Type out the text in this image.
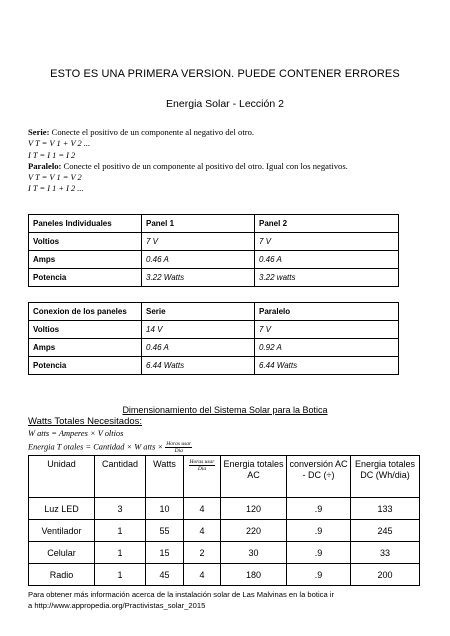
ESTO ES UNA PRIMERA VERSION. PUEDE CONTENER ERRORES
Energia Solar - Lección 2
Serie: Conecte el positivo de un componente al negativo del otro.
V T = V 1 + V 2 ...
I T = I 1 = I 2
Paralelo: Conecte el positivo de un componente al positivo del otro. Igual con los negativos.
V T = V 1 = V 2
I T = I 1 + I 2 ...
Paneles Individuales	Panel 1	Panel 2
Voltios	7 V	7 V
Amps	0.46 A	0.46 A
Potencia	3.22 Watts	3.22 watts
Conexion de los paneles	Serie	Paralelo
Voltios	14 V	7 V
Amps	0.46 A	0.92 A
Potencia	6.44 Watts	6.44 Watts
Dimensionamiento del Sistema Solar para la Botica
Watts Totales Necesitados:
W atts = Amperes × V oltios
Energia T otales = Cantidad × W atts × $\frac{\text{Horas usar}}{\text{Dia}}$
Unidad	Cantidad	Watts	$\frac{\text{Horas usar}}{\text{Dia}}$	Energia totales AC	conversión AC - DC (÷)	Energia totales DC (Wh/dia)
Luz LED	3	10	4	120	.9	133
Ventilador	1	55	4	220	.9	245
Celular	1	15	2	30	.9	33
Radio	1	45	4	180	.9	200
Para obtener más información acerca de la instalación solar de Las Malvinas en la botica ir
a http://www.appropedia.org/Practivistas_solar_2015
